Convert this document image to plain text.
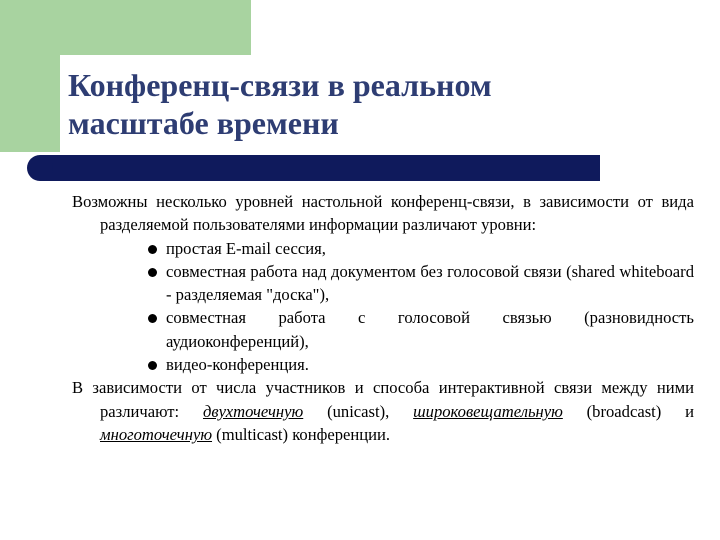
Конференц-связи в реальном
масштабе времени

Возможны несколько уровней настольной конференц-связи, в зависимости от вида разделяемой пользователями информации различают уровни:

простая E-mail сессия,
совместная работа над документом без голосовой связи (shared whiteboard - разделяемая "доска"),
совместная работа с голосовой связью (разновидность аудиоконференций),
видео-конференция.

В зависимости от числа участников и способа интерактивной связи между ними различают: двухточечную (unicast), широковещательную (broadcast) и многоточечную (multicast) конференции.
